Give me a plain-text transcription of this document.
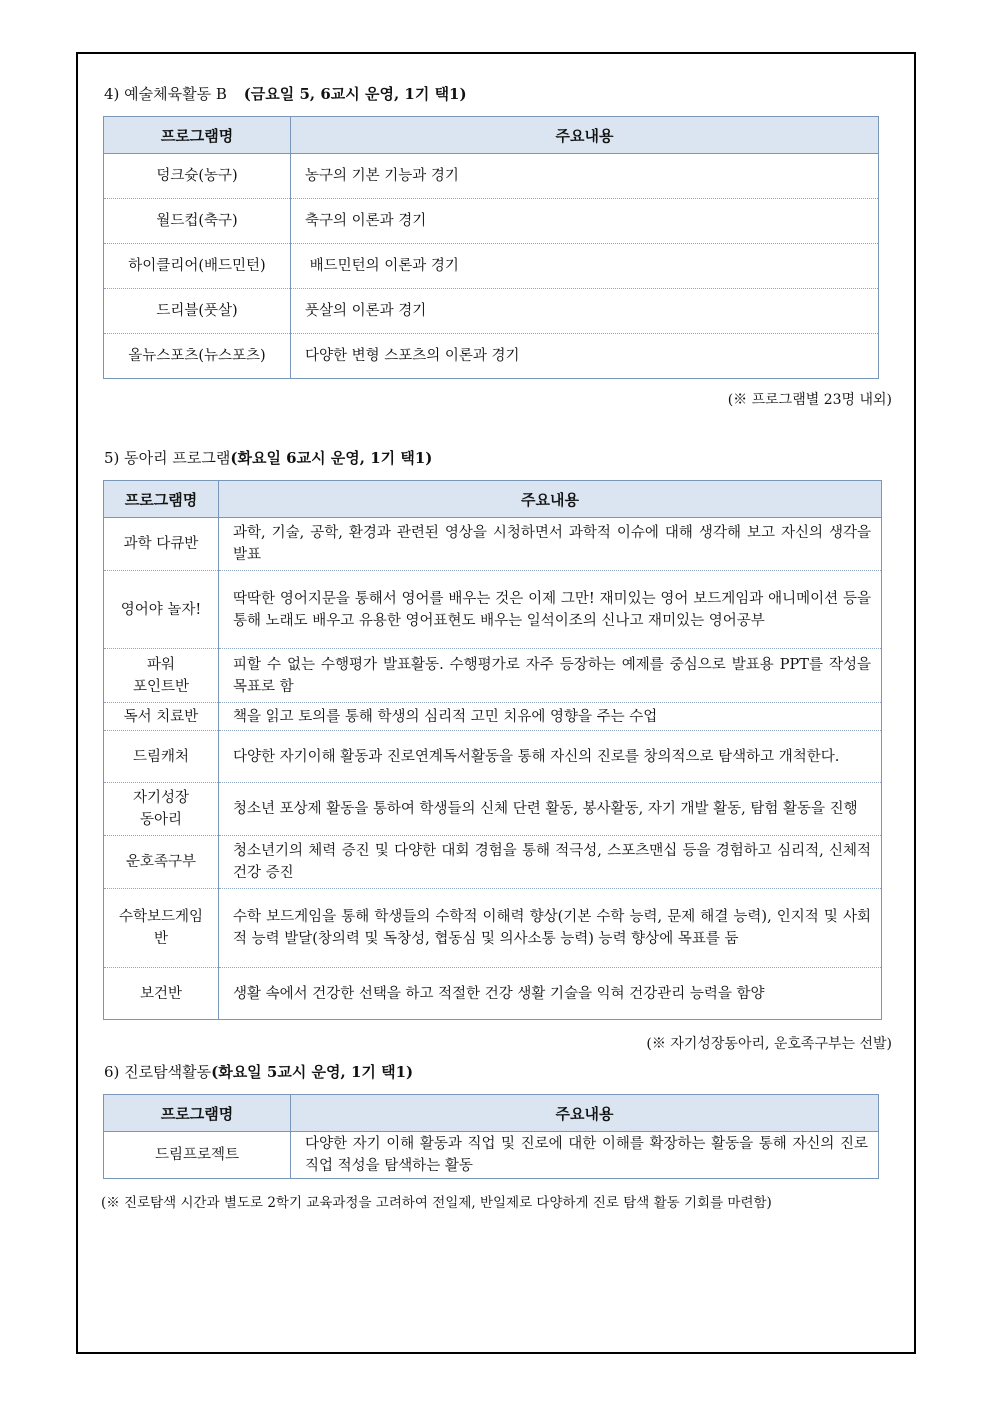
4) 예술체육활동 B (금요일 5, 6교시 운영, 1기 택1)
프로그램명	주요내용
덩크슛(농구)	농구의 기본 기능과 경기
월드컵(축구)	축구의 이론과 경기
하이클리어(배드민턴)	배드민턴의 이론과 경기
드리블(풋살)	풋살의 이론과 경기
올뉴스포츠(뉴스포츠)	다양한 변형 스포츠의 이론과 경기
(※ 프로그램별 23명 내외)
5) 동아리 프로그램(화요일 6교시 운영, 1기 택1)
프로그램명	주요내용
과학 다큐반	과학, 기술, 공학, 환경과 관련된 영상을 시청하면서 과학적 이슈에 대해 생각해 보고 자신의 생각을 발표
영어야 놀자!	딱딱한 영어지문을 통해서 영어를 배우는 것은 이제 그만! 재미있는 영어 보드게임과 애니메이션 등을 통해 노래도 배우고 유용한 영어표현도 배우는 일석이조의 신나고 재미있는 영어공부
파워
포인트반	피할 수 없는 수행평가 발표활동. 수행평가로 자주 등장하는 예제를 중심으로 발표용 PPT를 작성을 목표로 함
독서 치료반	책을 읽고 토의를 통해 학생의 심리적 고민 치유에 영향을 주는 수업
드림캐처	다양한 자기이해 활동과 진로연계독서활동을 통해 자신의 진로를 창의적으로 탐색하고 개척한다.
자기성장
동아리	청소년 포상제 활동을 통하여 학생들의 신체 단련 활동, 봉사활동, 자기 개발 활동, 탐험 활동을 진행
운호족구부	청소년기의 체력 증진 및 다양한 대회 경험을 통해 적극성, 스포츠맨십 등을 경험하고 심리적, 신체적 건강 증진
수학보드게임
반	수학 보드게임을 통해 학생들의 수학적 이해력 향상(기본 수학 능력, 문제 해결 능력), 인지적 및 사회적 능력 발달(창의력 및 독창성, 협동심 및 의사소통 능력) 능력 향상에 목표를 둠
보건반	생활 속에서 건강한 선택을 하고 적절한 건강 생활 기술을 익혀 건강관리 능력을 함양
(※ 자기성장동아리, 운호족구부는 선발)
6) 진로탐색활동(화요일 5교시 운영, 1기 택1)
프로그램명	주요내용
드림프로젝트	다양한 자기 이해 활동과 직업 및 진로에 대한 이해를 확장하는 활동을 통해 자신의 진로 직업 적성을 탐색하는 활동
(※ 진로탐색 시간과 별도로 2학기 교육과정을 고려하여 전일제, 반일제로 다양하게 진로 탐색 활동 기회를 마련함)
